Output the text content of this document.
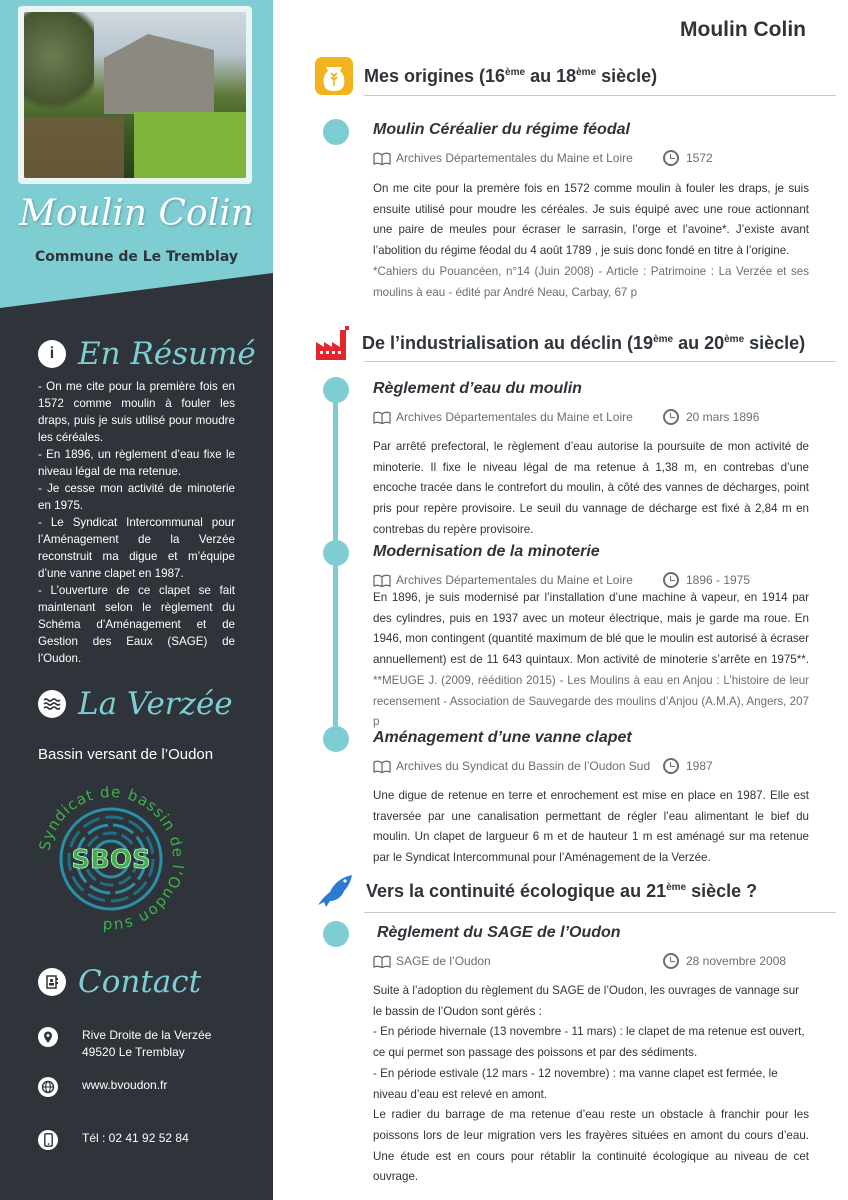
Moulin Colin
Commune de Le Tremblay
i En Résumé
- On me cite pour la première fois en 1572 comme moulin à fouler les draps, puis je suis utilisé pour moudre les céréales.
- En 1896, un règlement d’eau fixe le niveau légal de ma retenue.
- Je cesse mon activité de minoterie en 1975.
- Le Syndicat Intercommunal pour l’Aménagement de la Verzée reconstruit ma digue et m’équipe d’une vanne clapet en 1987.
- L’ouverture de ce clapet se fait maintenant selon le règlement du Schéma d’Aménagement et de Gestion des Eaux (SAGE) de l’Oudon.
La Verzée
Bassin versant de l’Oudon
Syndicat de bassin de l’Oudon sud
SBOS
Contact
Rive Droite de la Verzée
49520 Le Tremblay
www.bvoudon.fr
Tél : 02 41 92 52 84
Moulin Colin
Mes origines (16ème au 18ème siècle)
Moulin Céréalier du régime féodal
Archives Départementales du Maine et Loire	1572
On me cite pour la premère fois en 1572 comme moulin à fouler les draps, je suis ensuite utilisé pour moudre les céréales. Je suis équipé avec une roue actionnant une paire de meules pour écraser le sarrasin, l’orge et l’avoine*. J’existe avant l’abolition du régime féodal du 4 août 1789 , je suis donc fondé en titre à l’origine.
*Cahiers du Pouancéen, n°14 (Juin 2008) - Article : Patrimoine : La Verzée et ses moulins à eau - édité par André Neau, Carbay, 67 p
De l’industrialisation au déclin (19ème au 20ème siècle)
Règlement d’eau du moulin
Archives Départementales du Maine et Loire	20 mars 1896
Par arrêté prefectoral, le règlement d’eau autorise la poursuite de mon activité de minoterie. Il fixe le niveau légal de ma retenue à 1,38 m, en contrebas d’une encoche tracée dans le contrefort du moulin, à côté des vannes de décharges, point pris pour repère provisoire. Le seuil du vannage de décharge est fixé à 2,84 m en contrebas du repère provisoire.
Modernisation de la minoterie
Archives Départementales du Maine et Loire	1896 - 1975
En 1896, je suis modernisé par l’installation d’une machine à vapeur, en 1914 par des cylindres, puis en 1937 avec un moteur électrique, mais je garde ma roue. En 1946, mon contingent (quantité maximum de blé que le moulin est autorisé à écraser annuellement) est de 11 643 quintaux. Mon activité de minoterie s’arrête en 1975**. **MEUGE J. (2009, réédition 2015) - Les Moulins à eau en Anjou : L’histoire de leur recensement - Association de Sauvegarde des moulins d’Anjou (A.M.A), Angers, 207 p
Aménagement d’une vanne clapet
Archives du Syndicat du Bassin de l’Oudon Sud	1987
Une digue de retenue en terre et enrochement est mise en place en 1987. Elle est traversée par une canalisation permettant de régler l’eau alimentant le bief du moulin. Un clapet de largueur 6 m et de hauteur 1 m est aménagé sur ma retenue par le Syndicat Intercommunal pour l’Aménagement de la Verzée.
Vers la continuité écologique au 21ème siècle ?
Règlement du SAGE de l’Oudon
SAGE de l’Oudon	28 novembre 2008
Suite à l’adoption du règlement du SAGE de l’Oudon, les ouvrages de vannage sur le bassin de l’Oudon sont gérés :
- En période hivernale (13 novembre - 11 mars) : le clapet de ma retenue est ouvert, ce qui permet son passage des poissons et par des sédiments.
- En période estivale (12 mars - 12 novembre) : ma vanne clapet est fermée, le niveau d’eau est relevé en amont.
Le radier du barrage de ma retenue d’eau reste un obstacle à franchir pour les poissons lors de leur migration vers les frayères situées en amont du cours d’eau. Une étude est en cours pour rétablir la continuité écologique au niveau de cet ouvrage.
